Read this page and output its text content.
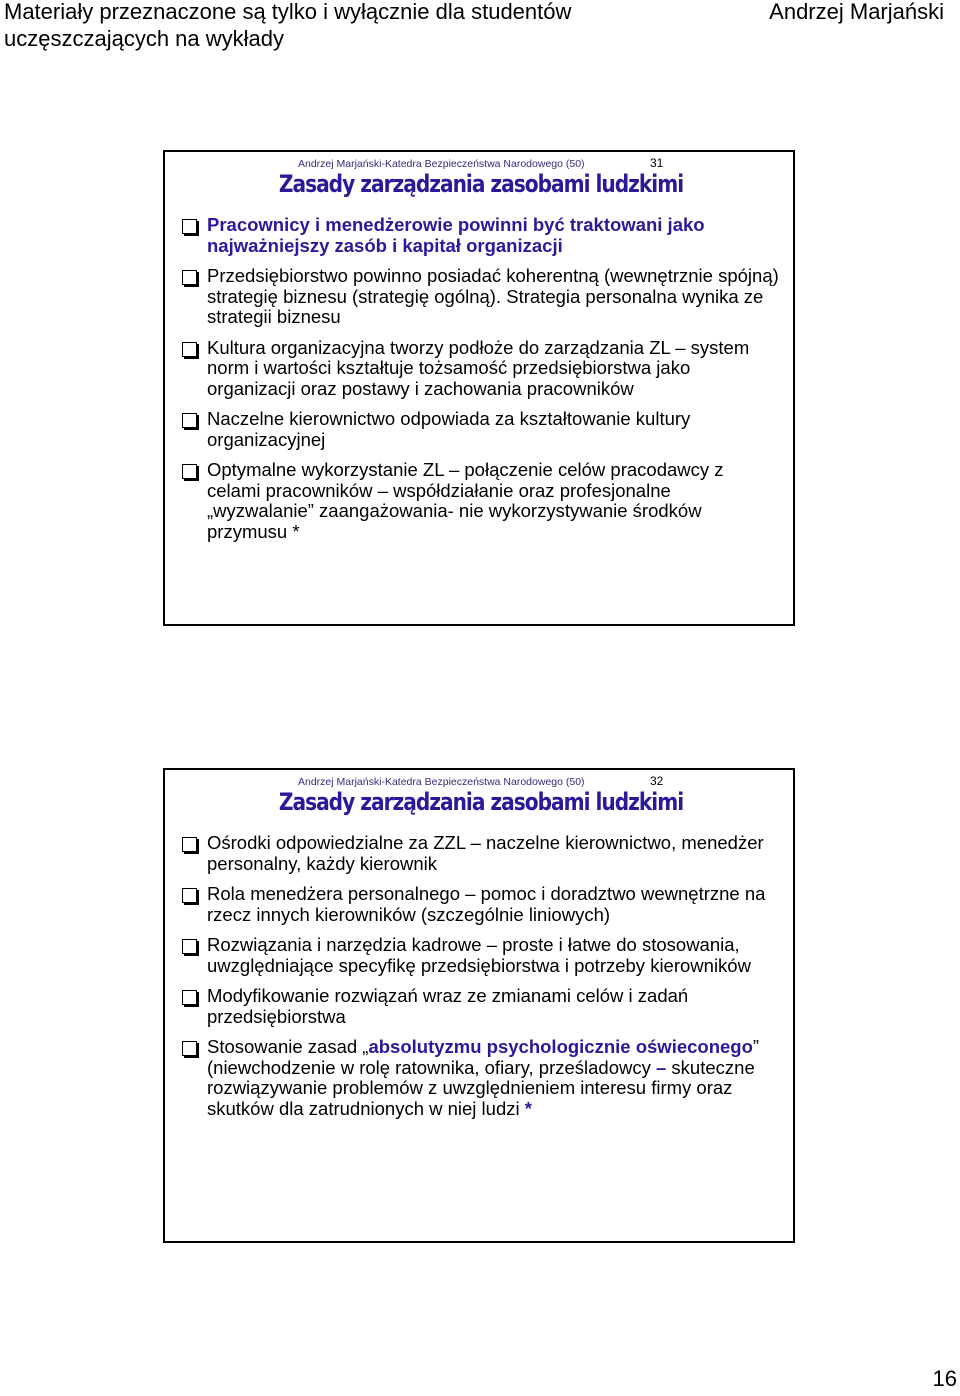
Materiały przeznaczone są tylko i wyłącznie dla studentów uczęszczających na wykłady
Andrzej Marjański
Andrzej Marjański-Katedra Bezpieczeństwa Narodowego (50)	31
Zasady zarządzania zasobami ludzkimi
Pracownicy i menedżerowie powinni być traktowani jako najważniejszy zasób i kapitał organizacji
Przedsiębiorstwo powinno posiadać koherentną (wewnętrznie spójną) strategię biznesu (strategię ogólną). Strategia personalna wynika ze strategii biznesu
Kultura organizacyjna tworzy podłoże do zarządzania ZL – system norm i wartości kształtuje tożsamość przedsiębiorstwa jako organizacji oraz postawy i zachowania pracowników
Naczelne kierownictwo odpowiada za kształtowanie kultury organizacyjnej
Optymalne wykorzystanie ZL – połączenie celów pracodawcy z celami pracowników – współdziałanie oraz profesjonalne „wyzwalanie” zaangażowania- nie wykorzystywanie środków przymusu *
Andrzej Marjański-Katedra Bezpieczeństwa Narodowego (50)	32
Zasady zarządzania zasobami ludzkimi
Ośrodki odpowiedzialne za ZZL – naczelne kierownictwo, menedżer personalny, każdy kierownik
Rola menedżera personalnego – pomoc i doradztwo wewnętrzne na rzecz innych kierowników (szczególnie liniowych)
Rozwiązania i narzędzia kadrowe – proste i łatwe do stosowania, uwzględniające specyfikę przedsiębiorstwa i potrzeby kierowników
Modyfikowanie rozwiązań wraz ze zmianami celów i zadań przedsiębiorstwa
Stosowanie zasad „absolutyzmu psychologicznie oświeconego” (niewchodzenie w rolę ratownika, ofiary, prześladowcy – skuteczne rozwiązywanie problemów z uwzględnieniem interesu firmy oraz skutków dla zatrudnionych w niej ludzi *
16
